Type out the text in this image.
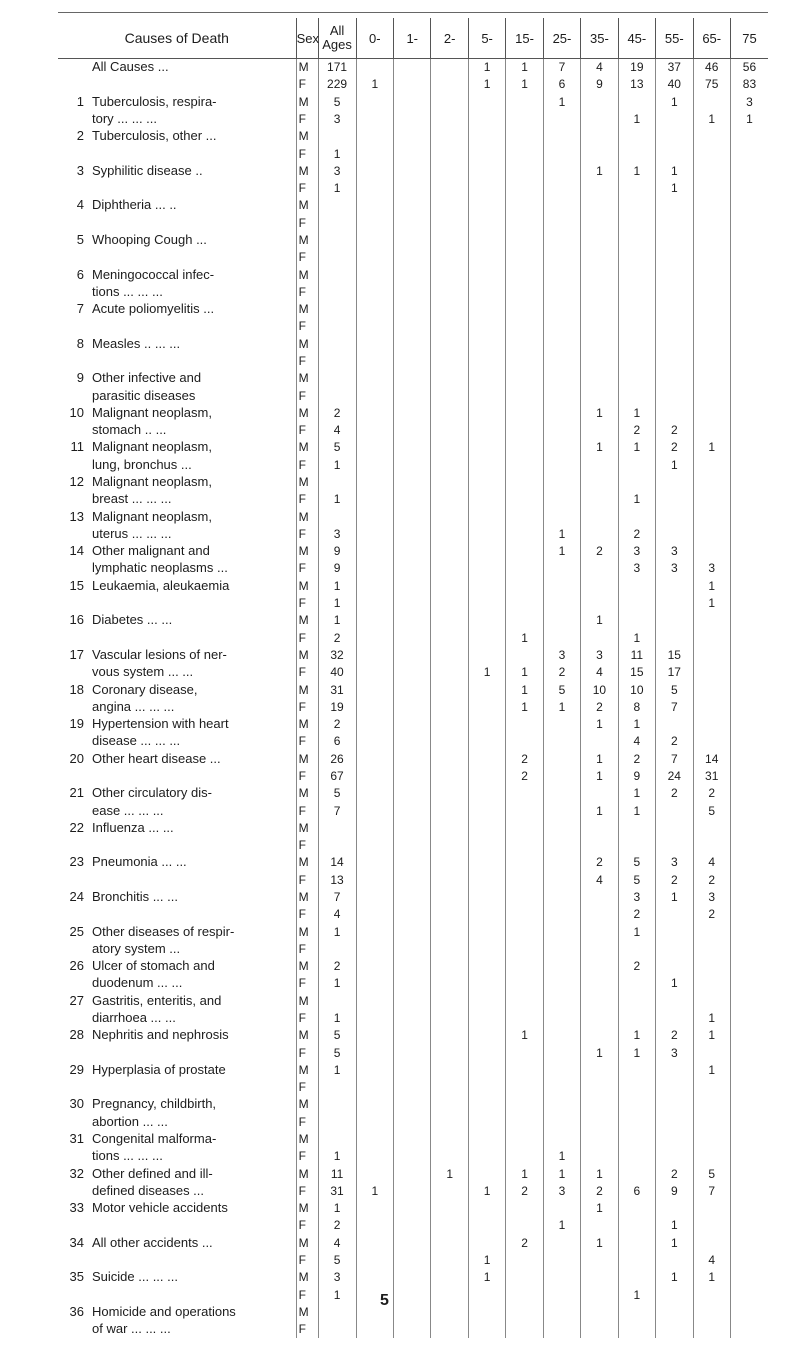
Causes of Death	Sex	All
Ages	0-	1-	2-	5-	15-	25-	35-	45-	55-	65-	75
All Causes ...	M	171				1	1	7	4	19	37	46	56
	F	229	1			1	1	6	9	13	40	75	83
1 Tuberculosis, respira-	M	5						1			1		3
tory ... ... ...	F	3								1		1	1
2 Tuberculosis, other ...	M												
	F	1											
3 Syphilitic disease ..	M	3							1	1	1		
	F	1									1		
4 Diphtheria ... ..	M												
	F												
5 Whooping Cough ...	M												
	F												
6 Meningococcal infec-	M												
tions ... ... ...	F												
7 Acute poliomyelitis ...	M												
	F												
8 Measles .. ... ...	M												
	F												
9 Other infective and	M												
parasitic diseases	F												
10 Malignant neoplasm,	M	2							1	1			
stomach .. ...	F	4								2	2		
11 Malignant neoplasm,	M	5							1	1	2	1	
lung, bronchus ...	F	1									1		
12 Malignant neoplasm,	M												
breast ... ... ...	F	1								1			
13 Malignant neoplasm,	M												
uterus ... ... ...	F	3						1		2			
14 Other malignant and	M	9						1	2	3	3		
lymphatic neoplasms ...	F	9								3	3	3	
15 Leukaemia, aleukaemia	M	1										1	
	F	1										1	
16 Diabetes ... ...	M	1							1				
	F	2					1			1			
17 Vascular lesions of ner-	M	32						3	3	11	15		
vous system ... ...	F	40				1	1	2	4	15	17		
18 Coronary disease,	M	31					1	5	10	10	5		
angina ... ... ...	F	19					1	1	2	8	7		
19 Hypertension with heart	M	2							1	1			
disease ... ... ...	F	6								4	2		
20 Other heart disease ...	M	26					2		1	2	7	14	
	F	67					2		1	9	24	31	
21 Other circulatory dis-	M	5								1	2	2	
ease ... ... ...	F	7							1	1		5	
22 Influenza ... ...	M												
	F												
23 Pneumonia ... ...	M	14							2	5	3	4	
	F	13							4	5	2	2	
24 Bronchitis ... ...	M	7								3	1	3	
	F	4								2		2	
25 Other diseases of respir-	M	1								1			
atory system ...	F												
26 Ulcer of stomach and	M	2								2			
duodenum ... ...	F	1									1		
27 Gastritis, enteritis, and	M												
diarrhoea ... ...	F	1										1	
28 Nephritis and nephrosis	M	5					1			1	2	1	
	F	5							1	1	3		
29 Hyperplasia of prostate	M	1										1	
	F												
30 Pregnancy, childbirth,	M												
abortion ... ...	F												
31 Congenital malforma-	M												
tions ... ... ...	F	1						1					
32 Other defined and ill-	M	11			1		1	1	1		2	5	
defined diseases ...	F	31	1			1	2	3	2	6	9	7	
33 Motor vehicle accidents	M	1							1				
	F	2						1			1		
34 All other accidents ...	M	4					2		1		1		
	F	5				1						4	
35 Suicide ... ... ...	M	3				1					1	1	
	F	1								1			
36 Homicide and operations	M												
of war ... ... ...	F												
5
